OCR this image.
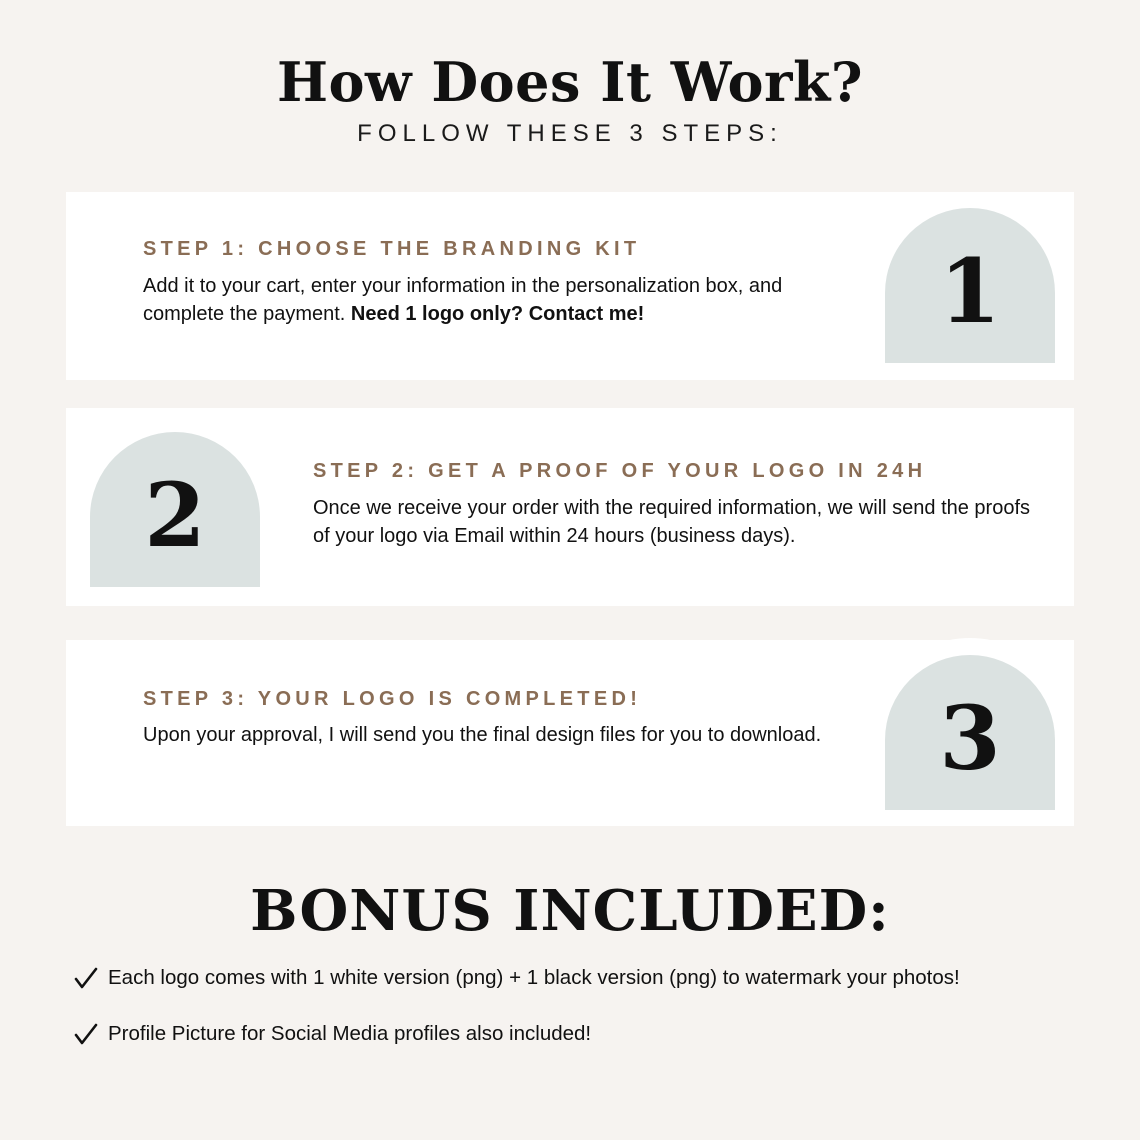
How Does It Work?
FOLLOW THESE 3 STEPS:
STEP 1: CHOOSE THE BRANDING KIT
Add it to your cart, enter your information in the personalization box, and complete the payment. Need 1 logo only? Contact me!	1
STEP 2: GET A PROOF OF YOUR LOGO IN 24H
Once we receive your order with the required information, we will send the proofs of your logo via Email within 24 hours (business days).
2
STEP 3: YOUR LOGO IS COMPLETED!
Upon your approval, I will send you the final design files for you to download. 3
BONUS INCLUDED:
Each logo comes with 1 white version (png) + 1 black version (png) to watermark your photos!
Profile Picture for Social Media profiles also included!
